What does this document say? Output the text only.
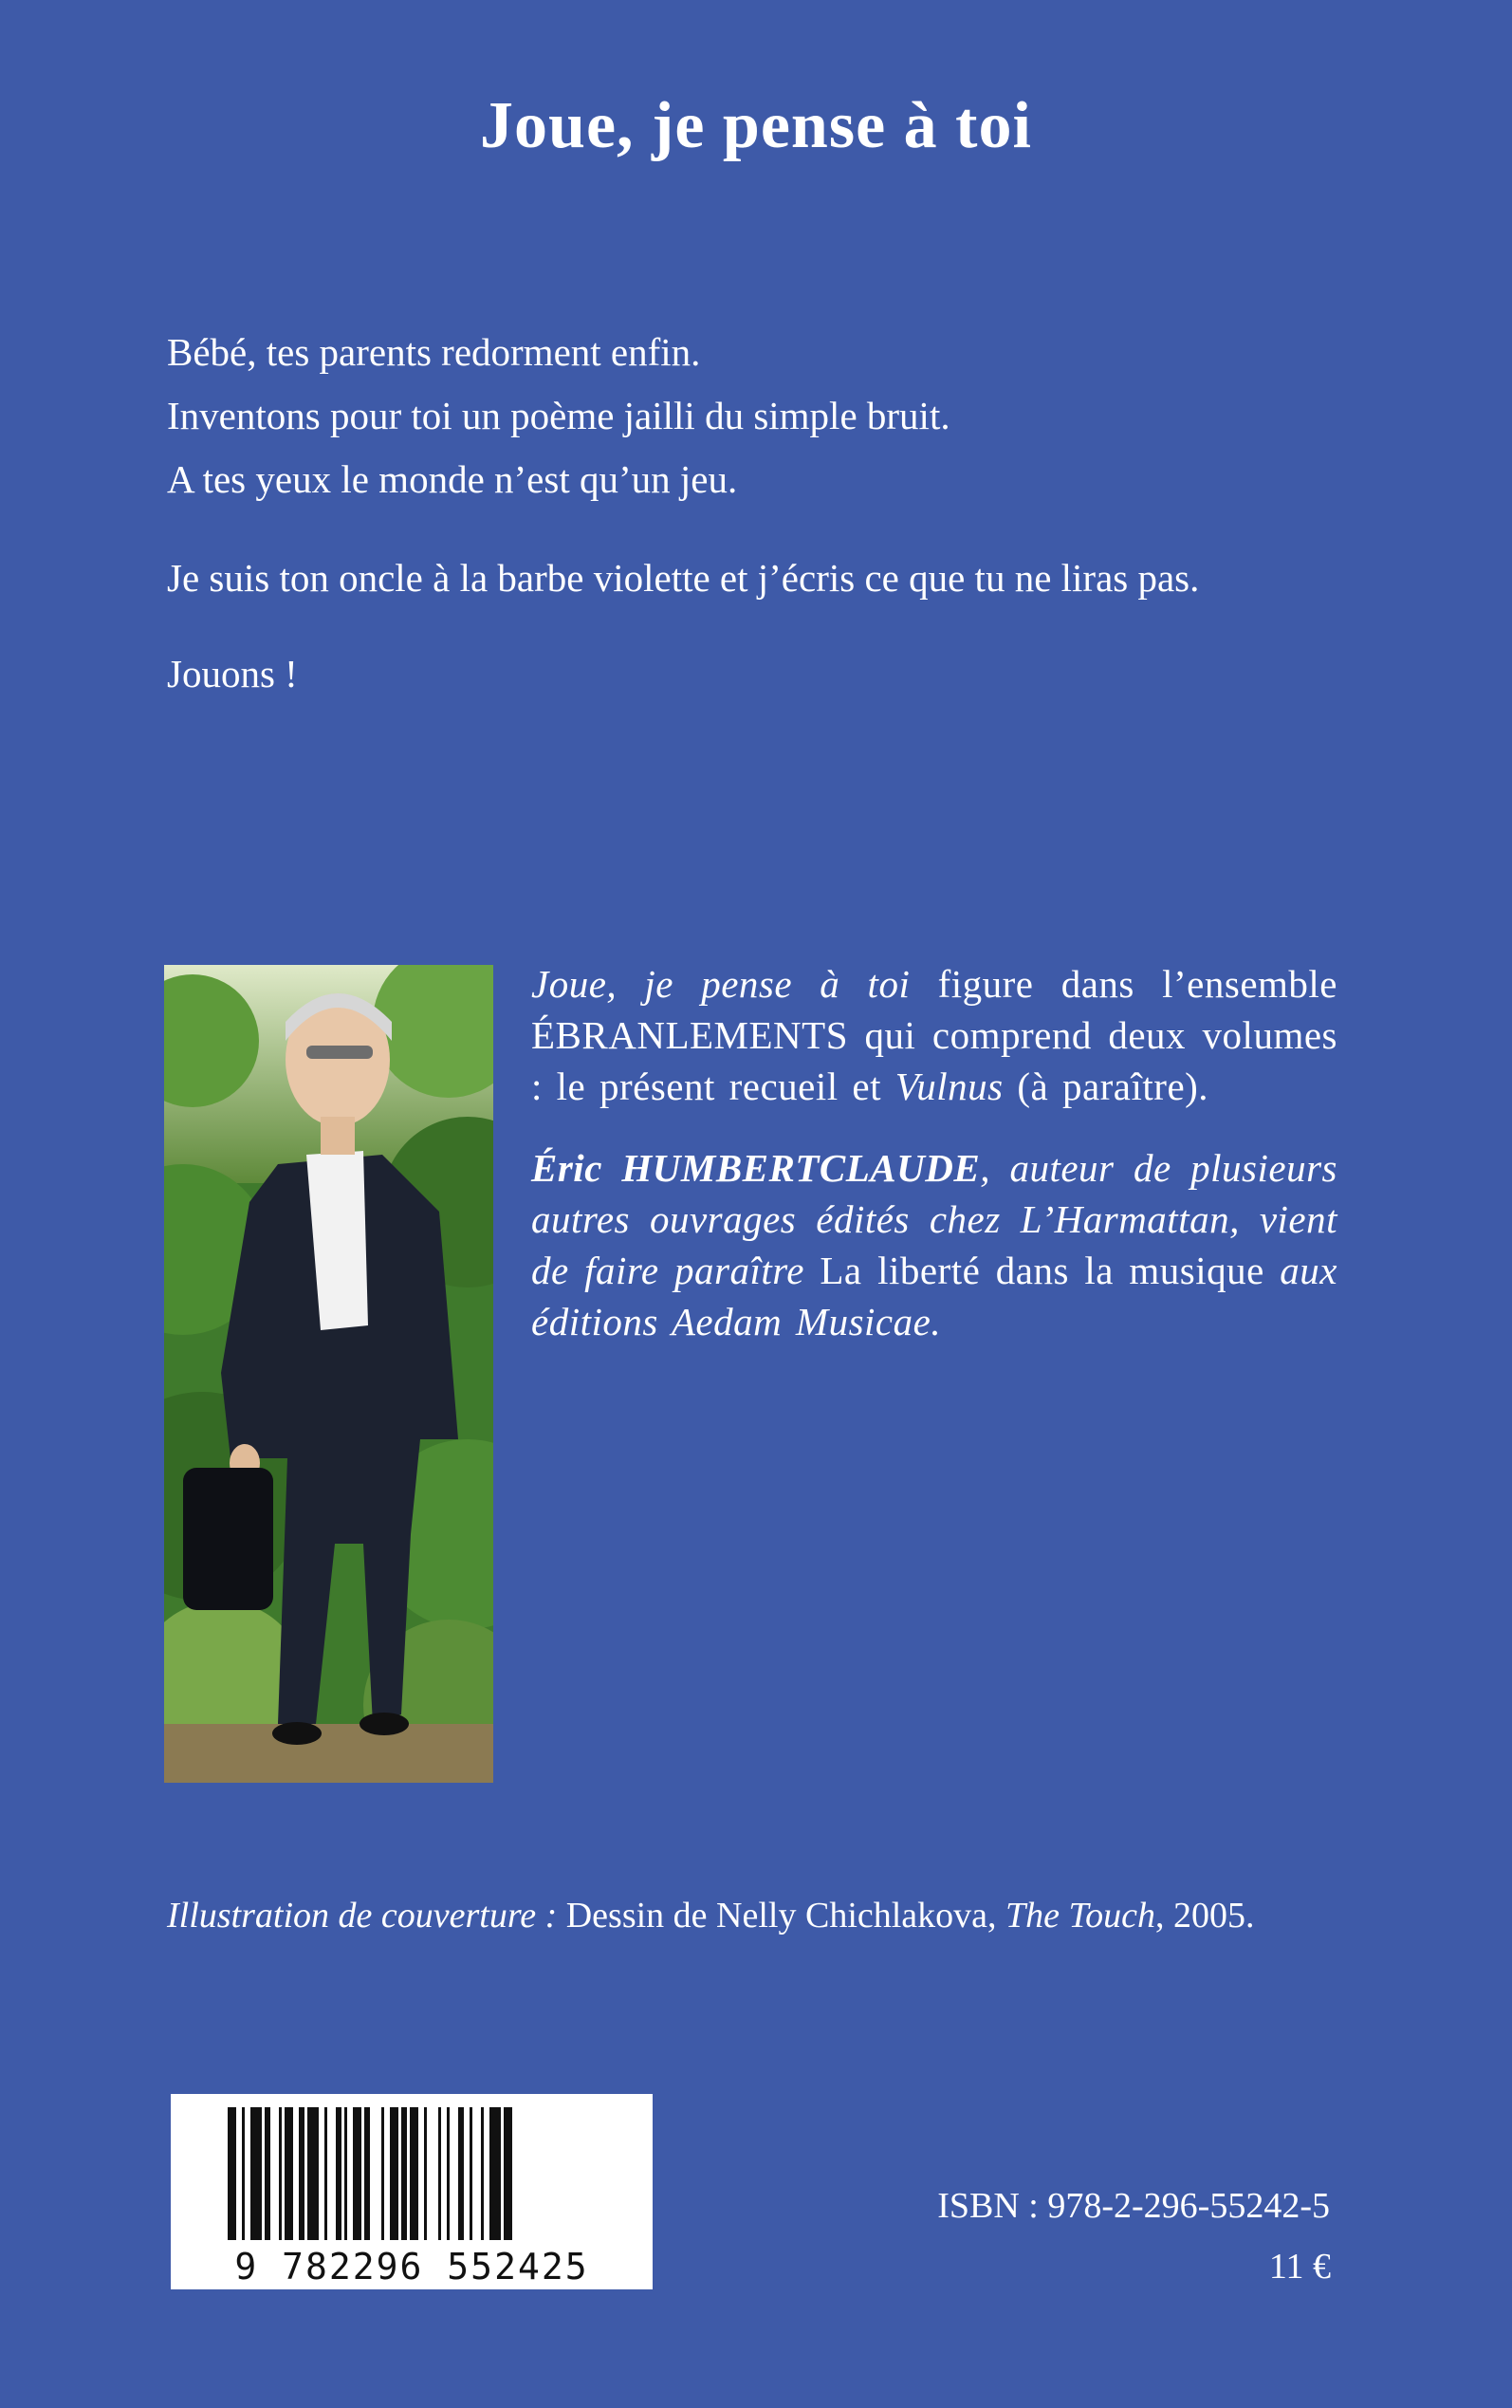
Joue, je pense à toi

Bébé, tes parents redorment enfin.

Inventons pour toi un poème jailli du simple bruit.

A tes yeux le monde n’est qu’un jeu.

Je suis ton oncle à la barbe violette et j’écris ce que tu ne liras pas.

Jouons !

Joue, je pense à toi figure dans l’ensemble ÉBRANLEMENTS qui comprend deux volumes : le présent recueil et Vulnus (à paraître).

Éric HUMBERTCLAUDE, auteur de plusieurs autres ouvrages édités chez L’Harmattan, vient de faire paraître La liberté dans la musique aux éditions Aedam Musicae.

Illustration de couverture : Dessin de Nelly Chichlakova, The Touch, 2005.
9 782296 552425
ISBN : 978-2-296-55242-5
11 €
